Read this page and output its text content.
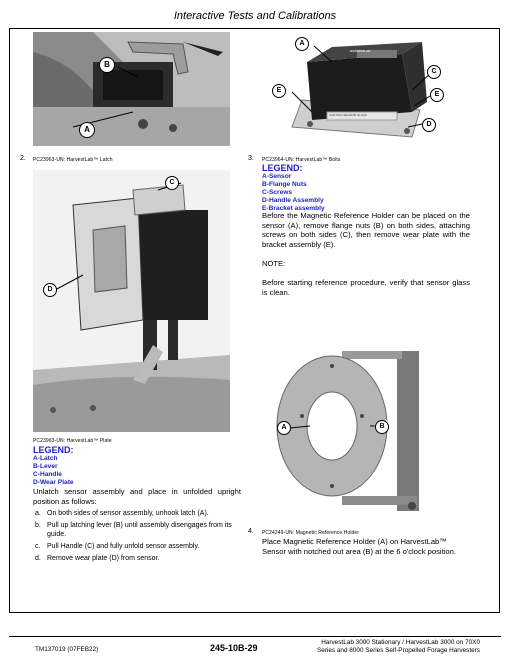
Interactive Tests and Calibrations
B
A
2. PC23963-UN: HarvestLab™ Latch
HARVESTLAB
CAUTION SENSOR GLASS
A
C
E
E
D
3. PC23964-UN: HarvestLab™ Bolts
LEGEND:
A-Sensor
B-Flange Nuts
C-Screws
D-Handle Assembly
E-Bracket assembly
Before the Magnetic Reference Holder can be placed on the sensor (A), remove flange nuts (B) on both sides, attaching screws on both sides (C), then remove wear plate with the bracket assembly (E).
NOTE:
Before starting reference procedure, verify that sensor glass is clean.
C
D
PC23963-UN: HarvestLab™ Plate
LEGEND:
A-Latch
B-Lever
C-Handle
D-Wear Plate
Unlatch sensor assembly and place in unfolded upright position as follows:
a. On both sides of sensor assembly, unhook latch (A).
b. Pull up latching lever (B) until assembly disengages from its guide.
c. Pull Handle (C) and fully unfold sensor assembly.
d. Remove wear plate (D) from sensor.
A	B
4. PC24249-UN: Magnetic Reference Holder
Place Magnetic Reference Holder (A) on HarvestLab™ Sensor with notched out area (B) at the 6 o'clock position.
TM137019 (07FEB22)	245-10B-29
HarvestLab 3000 Stationary / HarvestLab 3000 on 70X0
Series and 8000 Series Self-Propelled Forage Harvesters
